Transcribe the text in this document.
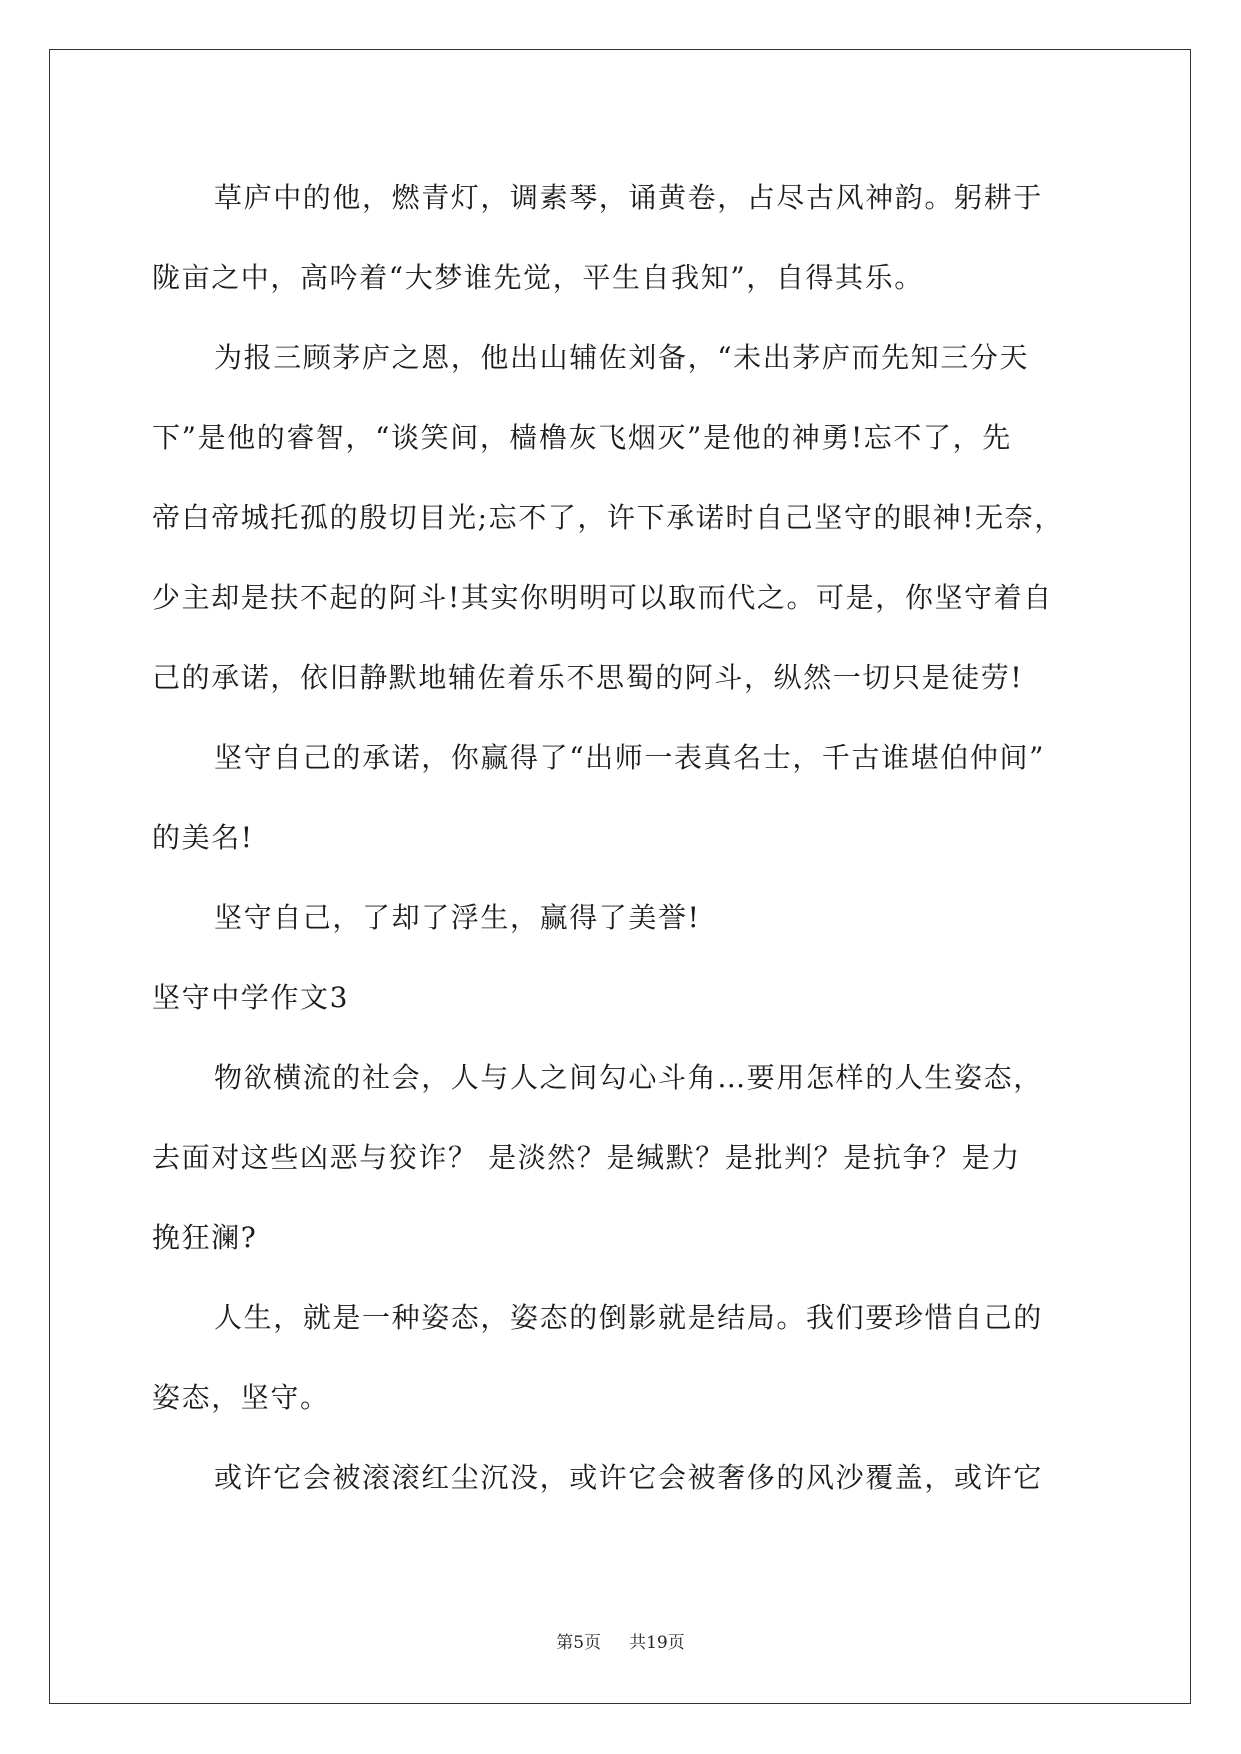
草庐中的他，燃青灯，调素琴，诵黄卷，占尽古风神韵。躬耕于
陇亩之中，高吟着“大梦谁先觉，平生自我知”，自得其乐。
为报三顾茅庐之恩，他出山辅佐刘备，“未出茅庐而先知三分天
下”是他的睿智，“谈笑间，樯橹灰飞烟灭”是他的神勇!忘不了，先
帝白帝城托孤的殷切目光;忘不了，许下承诺时自己坚守的眼神!无奈，
少主却是扶不起的阿斗!其实你明明可以取而代之。可是，你坚守着自
己的承诺，依旧静默地辅佐着乐不思蜀的阿斗，纵然一切只是徒劳!
坚守自己的承诺，你赢得了“出师一表真名士，千古谁堪伯仲间”
的美名!
坚守自己，了却了浮生，赢得了美誉!
坚守中学作文3
物欲横流的社会，人与人之间勾心斗角…要用怎样的人生姿态，
去面对这些凶恶与狡诈？ 是淡然？是缄默？是批判？是抗争？是力
挽狂澜?
人生，就是一种姿态，姿态的倒影就是结局。我们要珍惜自己的
姿态，坚守。
或许它会被滚滚红尘沉没，或许它会被奢侈的风沙覆盖，或许它
第5页 共19页
